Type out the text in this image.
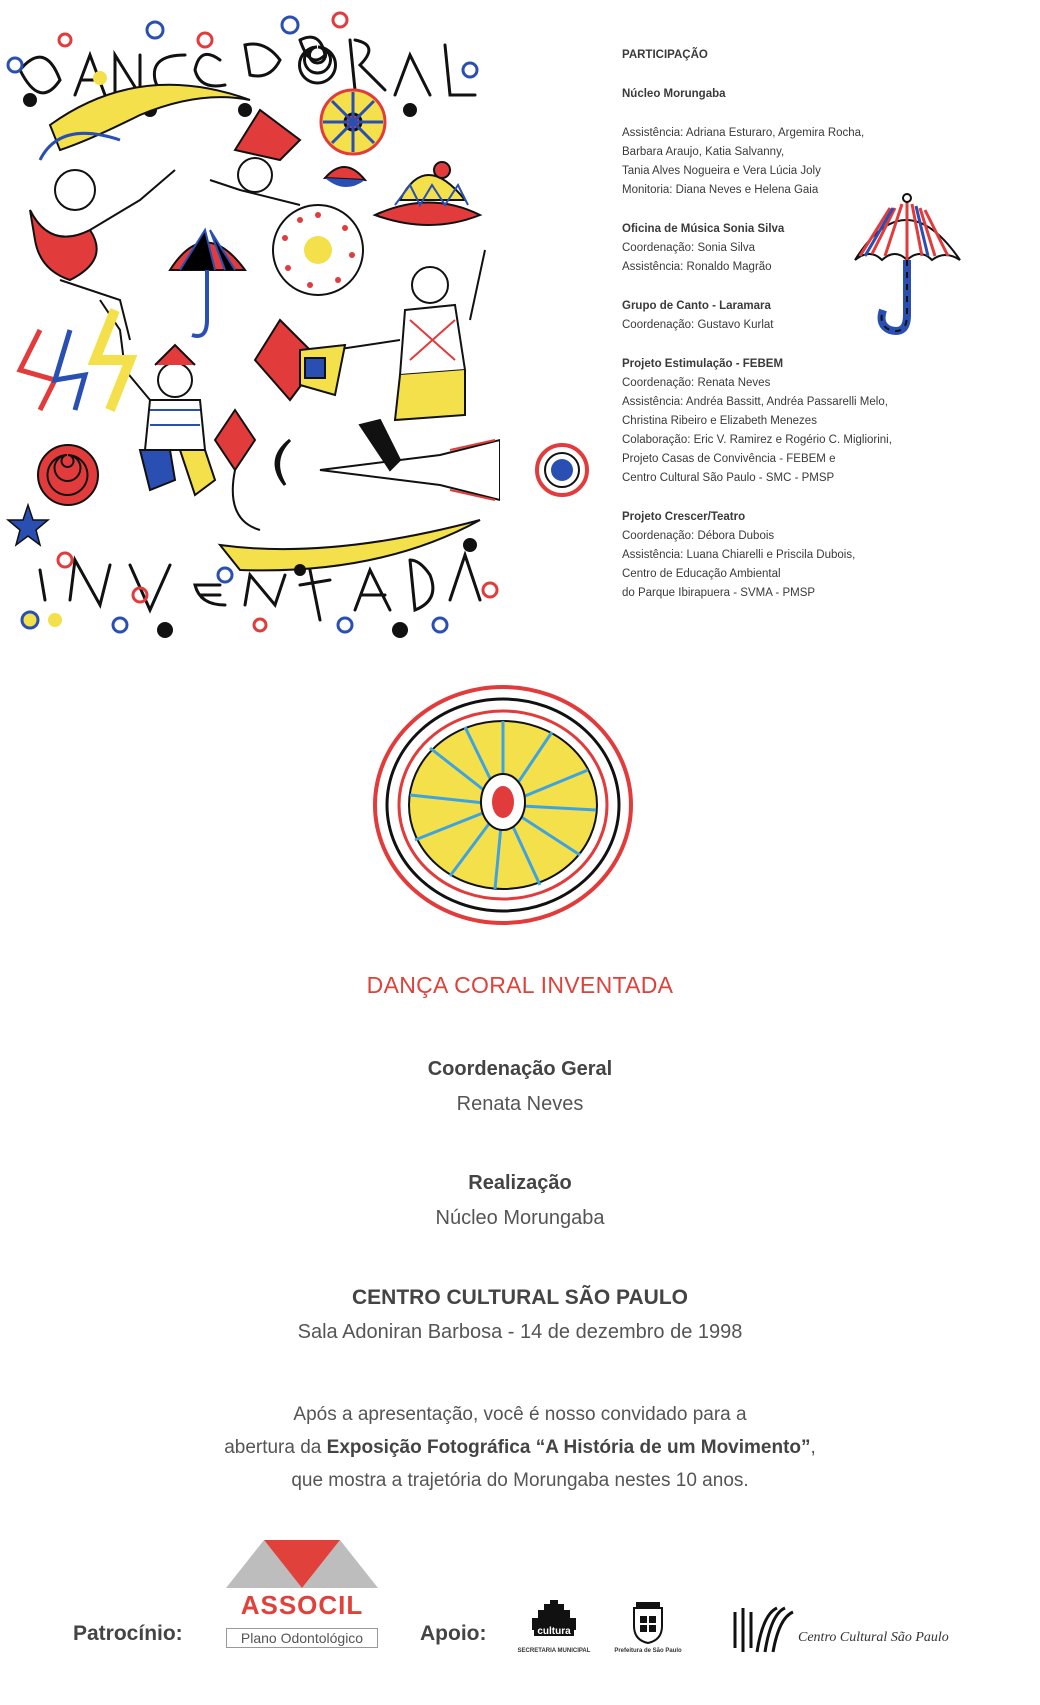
PARTICIPAÇÃO
Núcleo Morungaba
Assistência: Adriana Esturaro, Argemira Rocha,
Barbara Araujo, Katia Salvanny,
Tania Alves Nogueira e Vera Lúcia Joly
Monitoria: Diana Neves e Helena Gaia
Oficina de Música Sonia Silva
Coordenação: Sonia Silva
Assistência: Ronaldo Magrão
Grupo de Canto - Laramara
Coordenação: Gustavo Kurlat
Projeto Estimulação - FEBEM
Coordenação: Renata Neves
Assistência: Andréa Bassitt, Andréa Passarelli Melo,
Christina Ribeiro e Elizabeth Menezes
Colaboração: Eric V. Ramirez e Rogério C. Migliorini,
Projeto Casas de Convivência - FEBEM e
Centro Cultural São Paulo - SMC - PMSP
Projeto Crescer/Teatro
Coordenação: Débora Dubois
Assistência: Luana Chiarelli e Priscila Dubois,
Centro de Educação Ambiental
do Parque Ibirapuera - SVMA - PMSP
DANÇA CORAL INVENTADA
Coordenação Geral
Renata Neves
Realização
Núcleo Morungaba
CENTRO CULTURAL SÃO PAULO
Sala Adoniran Barbosa - 14 de dezembro de 1998
Após a apresentação, você é nosso convidado para a
abertura da Exposição Fotográfica “A História de um Movimento”,
que mostra a trajetória do Morungaba nestes 10 anos.
Patrocínio:
ASSOCIL
Plano Odontológico	Apoio:	cultura
SECRETARIA MUNICIPAL	Prefeitura de São Paulo
Centro Cultural São Paulo
